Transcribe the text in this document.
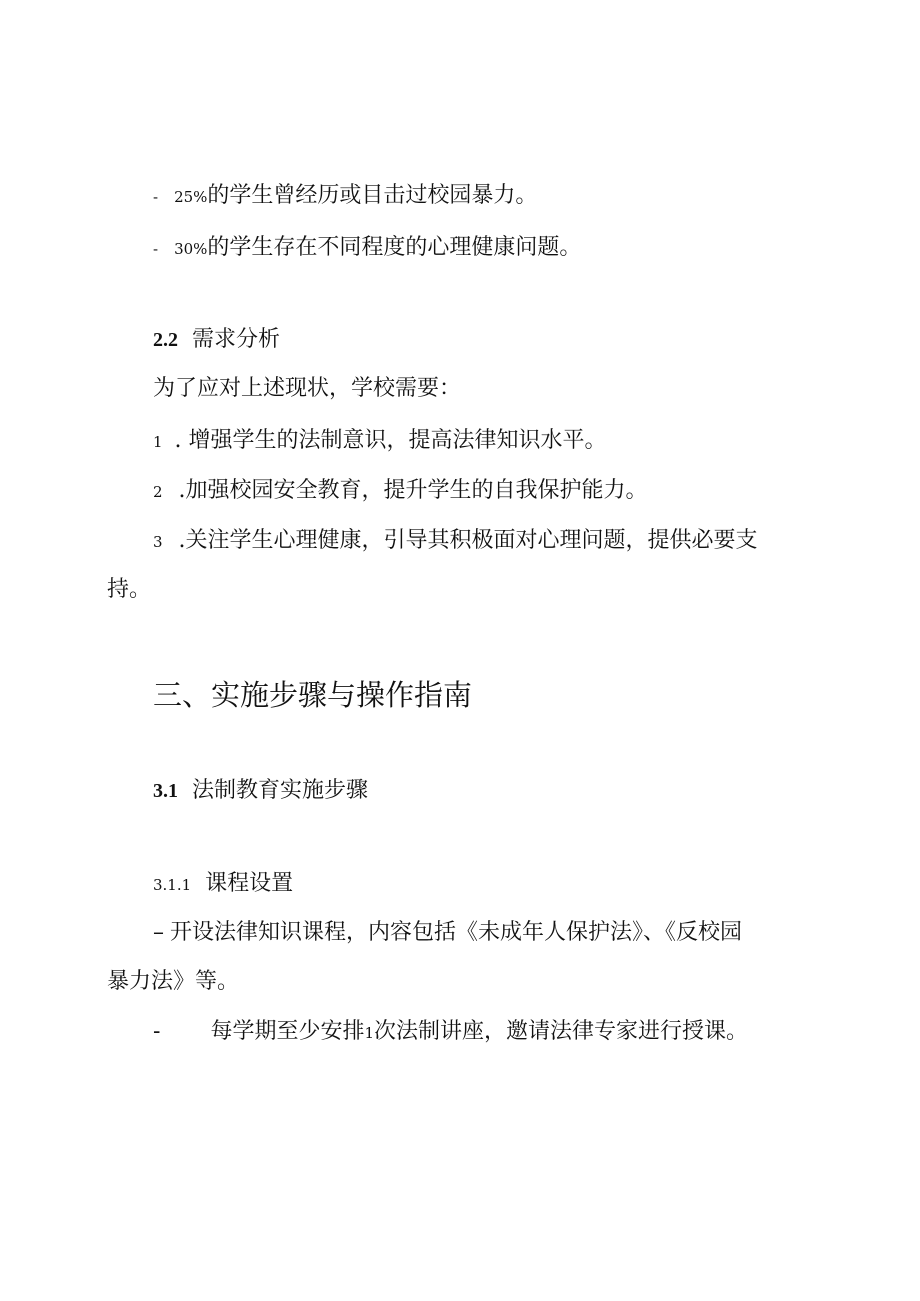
- 25%的学生曾经历或目击过校园暴力。
- 30%的学生存在不同程度的心理健康问题。
2.2 需求分析
为了应对上述现状，学校需要：
1 . 增强学生的法制意识，提高法律知识水平。
2 .加强校园安全教育，提升学生的自我保护能力。
3 .关注学生心理健康，引导其积极面对心理问题，提供必要支
持。
三、实施步骤与操作指南
3.1 法制教育实施步骤
3.1.1 课程设置
– 开设法律知识课程，内容包括《未成年人保护法》、《反校园
暴力法》等。
- 每学期至少安排1次法制讲座，邀请法律专家进行授课。
